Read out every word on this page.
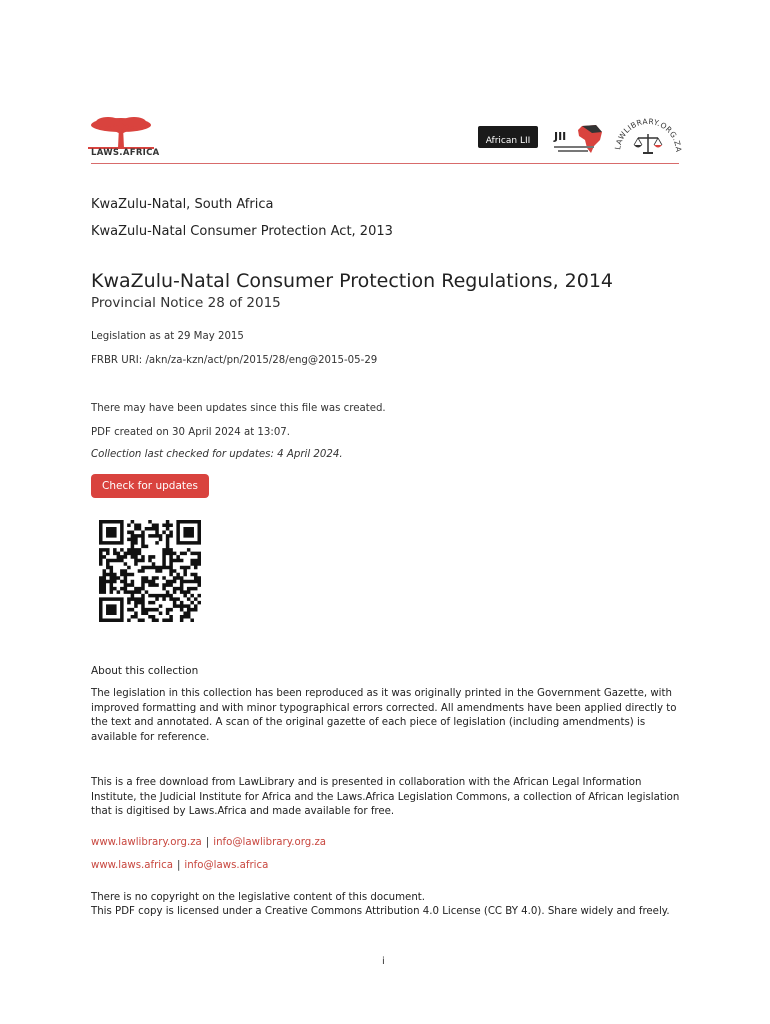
LAWS.AFRICA
African LII JII
LAWLIBRARY.ORG.ZA
KwaZulu-Natal, South Africa
KwaZulu-Natal Consumer Protection Act, 2013
KwaZulu-Natal Consumer Protection Regulations, 2014
Provincial Notice 28 of 2015
Legislation as at 29 May 2015
FRBR URI: /akn/za-kzn/act/pn/2015/28/eng@2015-05-29
There may have been updates since this file was created.
PDF created on 30 April 2024 at 13:07.
Collection last checked for updates: 4 April 2024.
Check for updates
About this collection
The legislation in this collection has been reproduced as it was originally printed in the Government Gazette, with improved formatting and with minor typographical errors corrected. All amendments have been applied directly to the text and annotated. A scan of the original gazette of each piece of legislation (including amendments) is available for reference.
This is a free download from LawLibrary and is presented in collaboration with the African Legal Information Institute, the Judicial Institute for Africa and the Laws.Africa Legislation Commons, a collection of African legislation that is digitised by Laws.Africa and made available for free.
www.lawlibrary.org.za | info@lawlibrary.org.za
www.laws.africa | info@laws.africa
There is no copyright on the legislative content of this document.
This PDF copy is licensed under a Creative Commons Attribution 4.0 License (CC BY 4.0). Share widely and freely.
i
